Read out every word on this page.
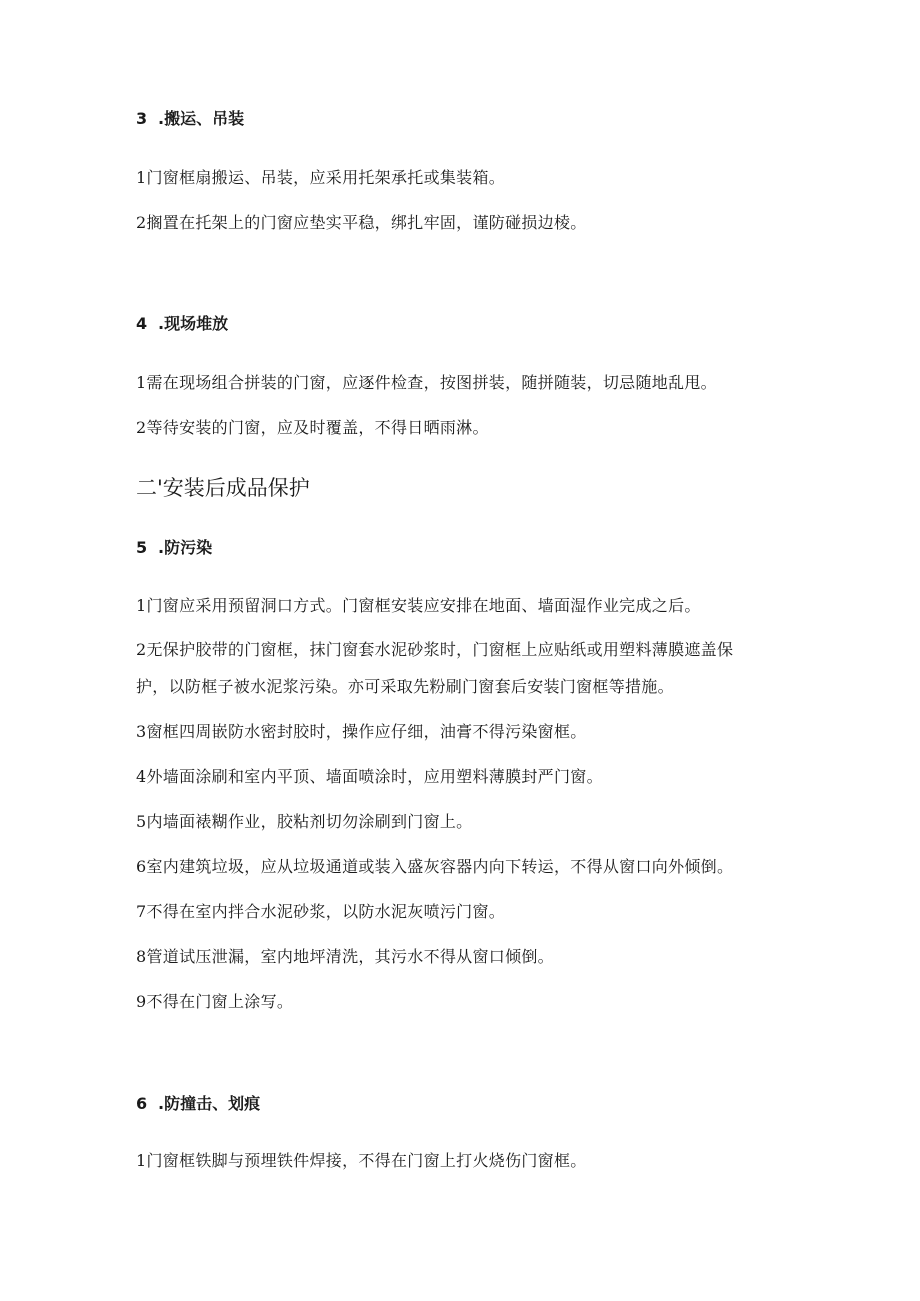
3 .搬运、吊装
1门窗框扇搬运、吊装，应采用托架承托或集装箱。
2搁置在托架上的门窗应垫实平稳，绑扎牢固，谨防碰损边棱。
4 .现场堆放
1需在现场组合拼装的门窗，应逐件检查，按图拼装，随拼随装，切忌随地乱甩。
2等待安装的门窗，应及时覆盖，不得日晒雨淋。
二'安装后成品保护
5 .防污染
1门窗应采用预留洞口方式。门窗框安装应安排在地面、墙面湿作业完成之后。
2无保护胶带的门窗框，抹门窗套水泥砂浆时，门窗框上应贴纸或用塑料薄膜遮盖保
护，以防框子被水泥浆污染。亦可采取先粉刷门窗套后安装门窗框等措施。
3窗框四周嵌防水密封胶时，操作应仔细，油膏不得污染窗框。
4外墙面涂刷和室内平顶、墙面喷涂时，应用塑料薄膜封严门窗。
5内墙面裱糊作业，胶粘剂切勿涂刷到门窗上。
6室内建筑垃圾，应从垃圾通道或装入盛灰容器内向下转运，不得从窗口向外倾倒。
7不得在室内拌合水泥砂浆，以防水泥灰喷污门窗。
8管道试压泄漏，室内地坪清洗，其污水不得从窗口倾倒。
9不得在门窗上涂写。
6 .防撞击、划痕
1门窗框铁脚与预埋铁件焊接，不得在门窗上打火烧伤门窗框。
